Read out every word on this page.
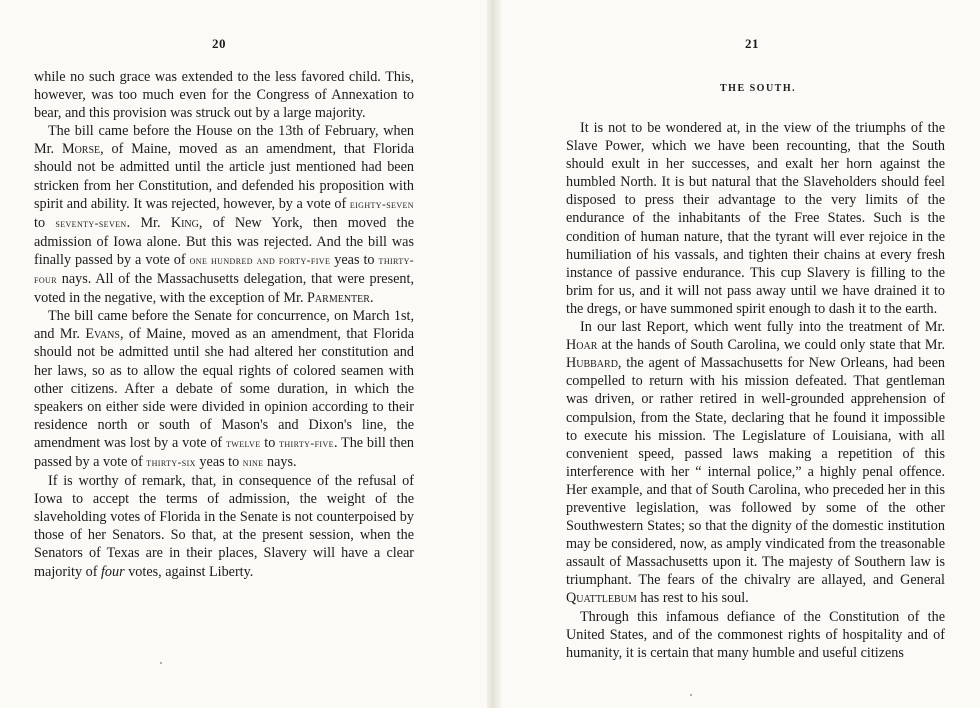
20

while no such grace was extended to the less favored child. This, however, was too much even for the Congress of Annexation to bear, and this provision was struck out by a large majority.

The bill came before the House on the 13th of February, when Mr. Morse, of Maine, moved as an amendment, that Florida should not be admitted until the article just mentioned had been stricken from her Constitution, and defended his proposition with spirit and ability. It was rejected, however, by a vote of eighty-seven to seventy-seven. Mr. King, of New York, then moved the admission of Iowa alone. But this was rejected. And the bill was finally passed by a vote of one hundred and forty-five yeas to thirty-four nays. All of the Massachusetts delegation, that were present, voted in the negative, with the exception of Mr. Parmenter.

The bill came before the Senate for concurrence, on March 1st, and Mr. Evans, of Maine, moved as an amendment, that Florida should not be admitted until she had altered her constitution and her laws, so as to allow the equal rights of colored seamen with other citizens. After a debate of some duration, in which the speakers on either side were divided in opinion according to their residence north or south of Mason's and Dixon's line, the amendment was lost by a vote of twelve to thirty-five. The bill then passed by a vote of thirty-six yeas to nine nays.

If is worthy of remark, that, in consequence of the refusal of Iowa to accept the terms of admission, the weight of the slaveholding votes of Florida in the Senate is not counterpoised by those of her Senators. So that, at the present session, when the Senators of Texas are in their places, Slavery will have a clear majority of four votes, against Liberty.

21
THE SOUTH.

It is not to be wondered at, in the view of the triumphs of the Slave Power, which we have been recounting, that the South should exult in her successes, and exalt her horn against the humbled North. It is but natural that the Slaveholders should feel disposed to press their advantage to the very limits of the endurance of the inhabitants of the Free States. Such is the condition of human nature, that the tyrant will ever rejoice in the humiliation of his vassals, and tighten their chains at every fresh instance of passive endurance. This cup Slavery is filling to the brim for us, and it will not pass away until we have drained it to the dregs, or have summoned spirit enough to dash it to the earth.

In our last Report, which went fully into the treatment of Mr. Hoar at the hands of South Carolina, we could only state that Mr. Hubbard, the agent of Massachusetts for New Orleans, had been compelled to return with his mission defeated. That gentleman was driven, or rather retired in well-grounded apprehension of compulsion, from the State, declaring that he found it impossible to execute his mission. The Legislature of Louisiana, with all convenient speed, passed laws making a repetition of this interference with her “ internal police,” a highly penal offence. Her example, and that of South Carolina, who preceded her in this preventive legislation, was followed by some of the other Southwestern States; so that the dignity of the domestic institution may be considered, now, as amply vindicated from the treasonable assault of Massachusetts upon it. The majesty of Southern law is triumphant. The fears of the chivalry are allayed, and General Quattlebum has rest to his soul.

Through this infamous defiance of the Constitution of the United States, and of the commonest rights of hospitality and of humanity, it is certain that many humble and useful citizens
